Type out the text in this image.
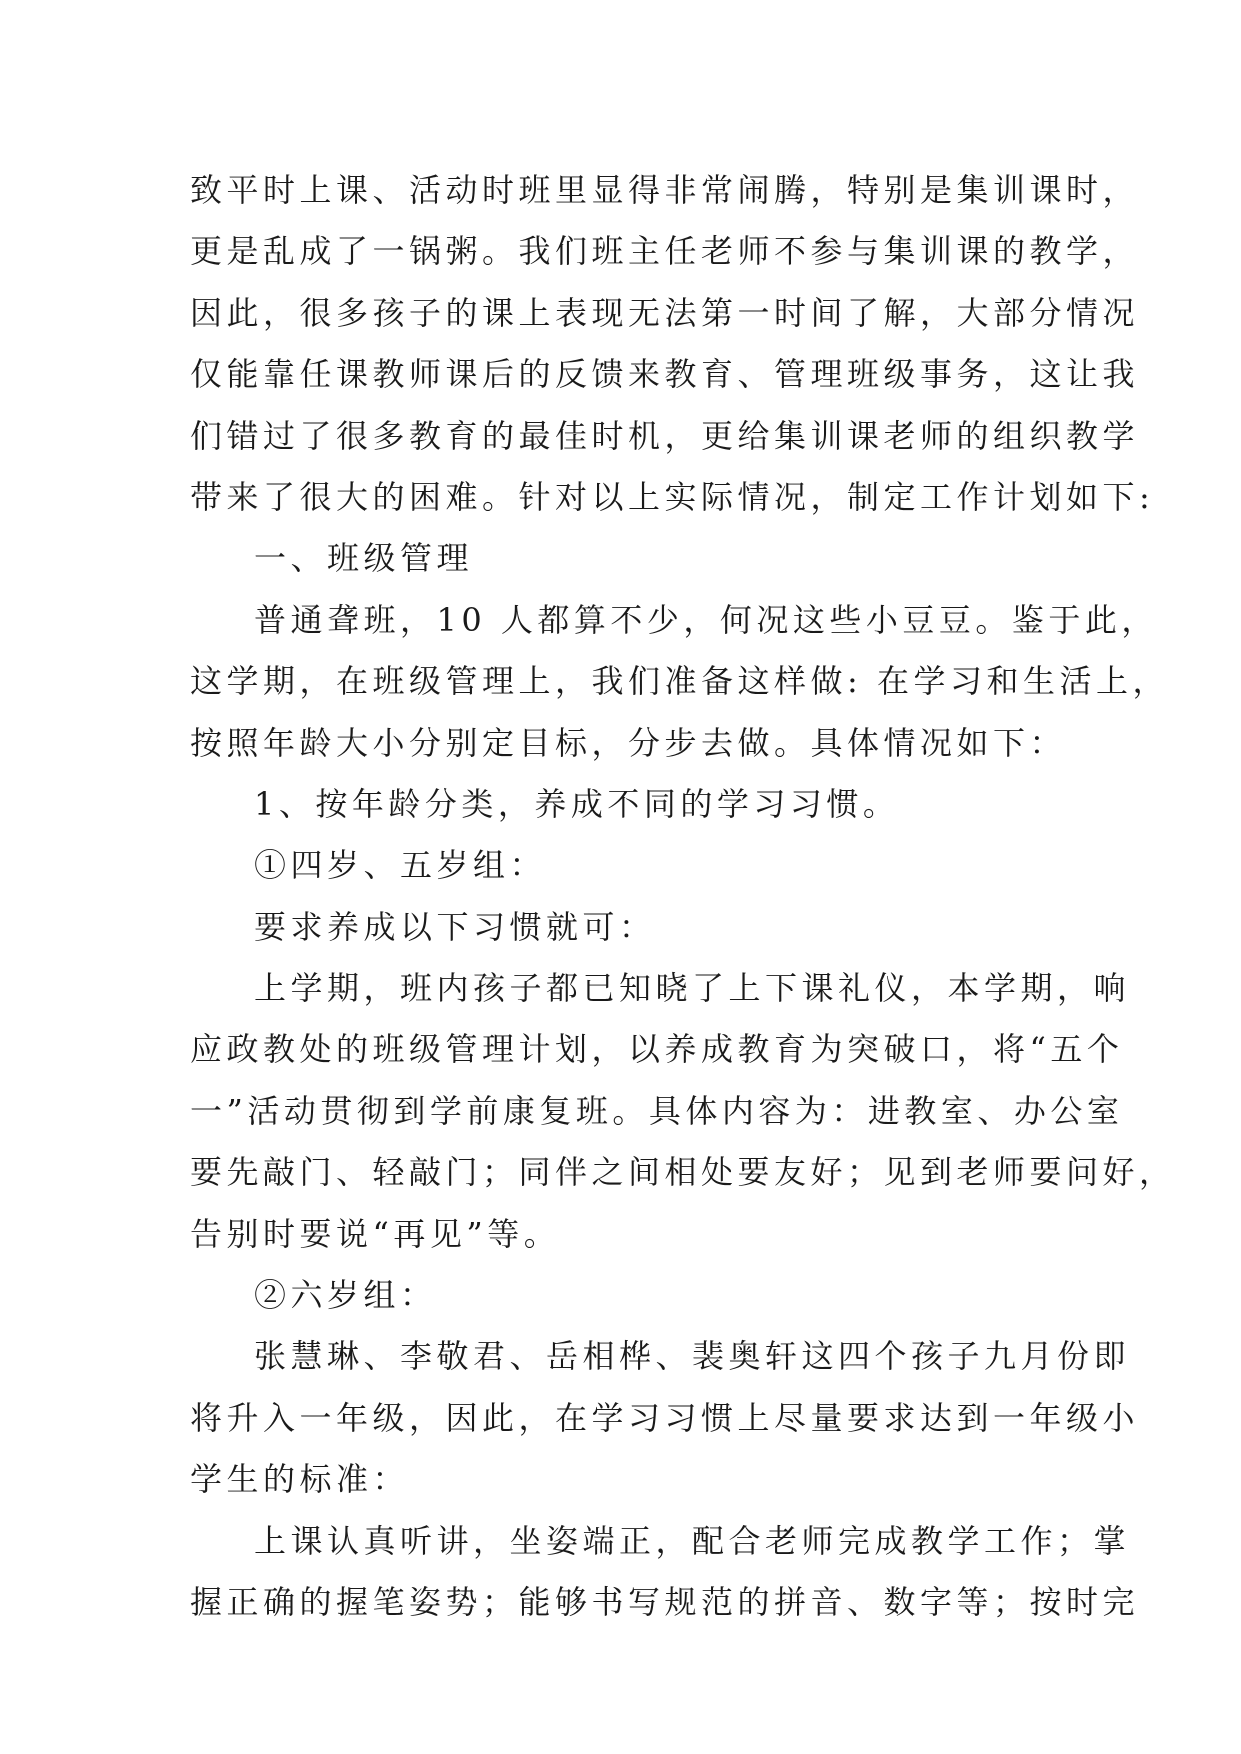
致平时上课、活动时班里显得非常闹腾，特别是集训课时，
更是乱成了一锅粥。我们班主任老师不参与集训课的教学，
因此，很多孩子的课上表现无法第一时间了解，大部分情况
仅能靠任课教师课后的反馈来教育、管理班级事务，这让我
们错过了很多教育的最佳时机，更给集训课老师的组织教学
带来了很大的困难。针对以上实际情况，制定工作计划如下:
一、班级管理
普通聋班，10 人都算不少，何况这些小豆豆。鉴于此，
这学期，在班级管理上，我们准备这样做: 在学习和生活上，
按照年龄大小分别定目标，分步去做。具体情况如下：
1、按年龄分类，养成不同的学习习惯。
①四岁、五岁组：
要求养成以下习惯就可：
上学期，班内孩子都已知晓了上下课礼仪，本学期，响
应政教处的班级管理计划，以养成教育为突破口，将“五个
一”活动贯彻到学前康复班。具体内容为：进教室、办公室
要先敲门、轻敲门；同伴之间相处要友好；见到老师要问好，
告别时要说“再见”等。
②六岁组：
张慧琳、李敬君、岳相桦、裴奥轩这四个孩子九月份即
将升入一年级，因此，在学习习惯上尽量要求达到一年级小
学生的标准：
上课认真听讲，坐姿端正，配合老师完成教学工作；掌
握正确的握笔姿势；能够书写规范的拼音、数字等；按时完
